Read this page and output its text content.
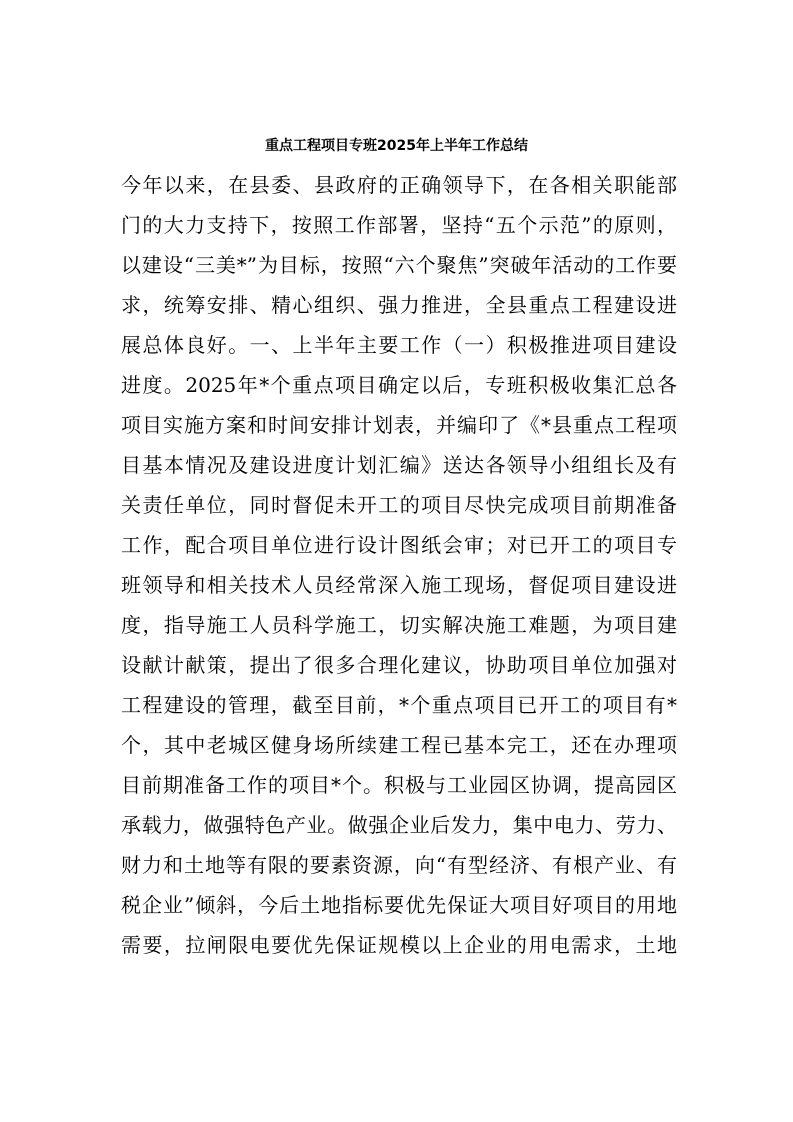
重点工程项目专班2025年上半年工作总结
今年以来，在县委、县政府的正确领导下，在各相关职能部
门的大力支持下，按照工作部署，坚持“五个示范”的原则，
以建设“三美*”为目标，按照“六个聚焦”突破年活动的工作要
求，统筹安排、精心组织、强力推进，全县重点工程建设进
展总体良好。一、上半年主要工作（一）积极推进项目建设
进度。2025年*个重点项目确定以后，专班积极收集汇总各
项目实施方案和时间安排计划表，并编印了《*县重点工程项
目基本情况及建设进度计划汇编》送达各领导小组组长及有
关责任单位，同时督促未开工的项目尽快完成项目前期准备
工作，配合项目单位进行设计图纸会审；对已开工的项目专
班领导和相关技术人员经常深入施工现场，督促项目建设进
度，指导施工人员科学施工，切实解决施工难题，为项目建
设献计献策，提出了很多合理化建议，协助项目单位加强对
工程建设的管理，截至目前，*个重点项目已开工的项目有*
个，其中老城区健身场所续建工程已基本完工，还在办理项
目前期准备工作的项目*个。积极与工业园区协调，提高园区
承载力，做强特色产业。做强企业后发力，集中电力、劳力、
财力和土地等有限的要素资源，向“有型经济、有根产业、有
税企业”倾斜，今后土地指标要优先保证大项目好项目的用地
需要，拉闸限电要优先保证规模以上企业的用电需求，土地
